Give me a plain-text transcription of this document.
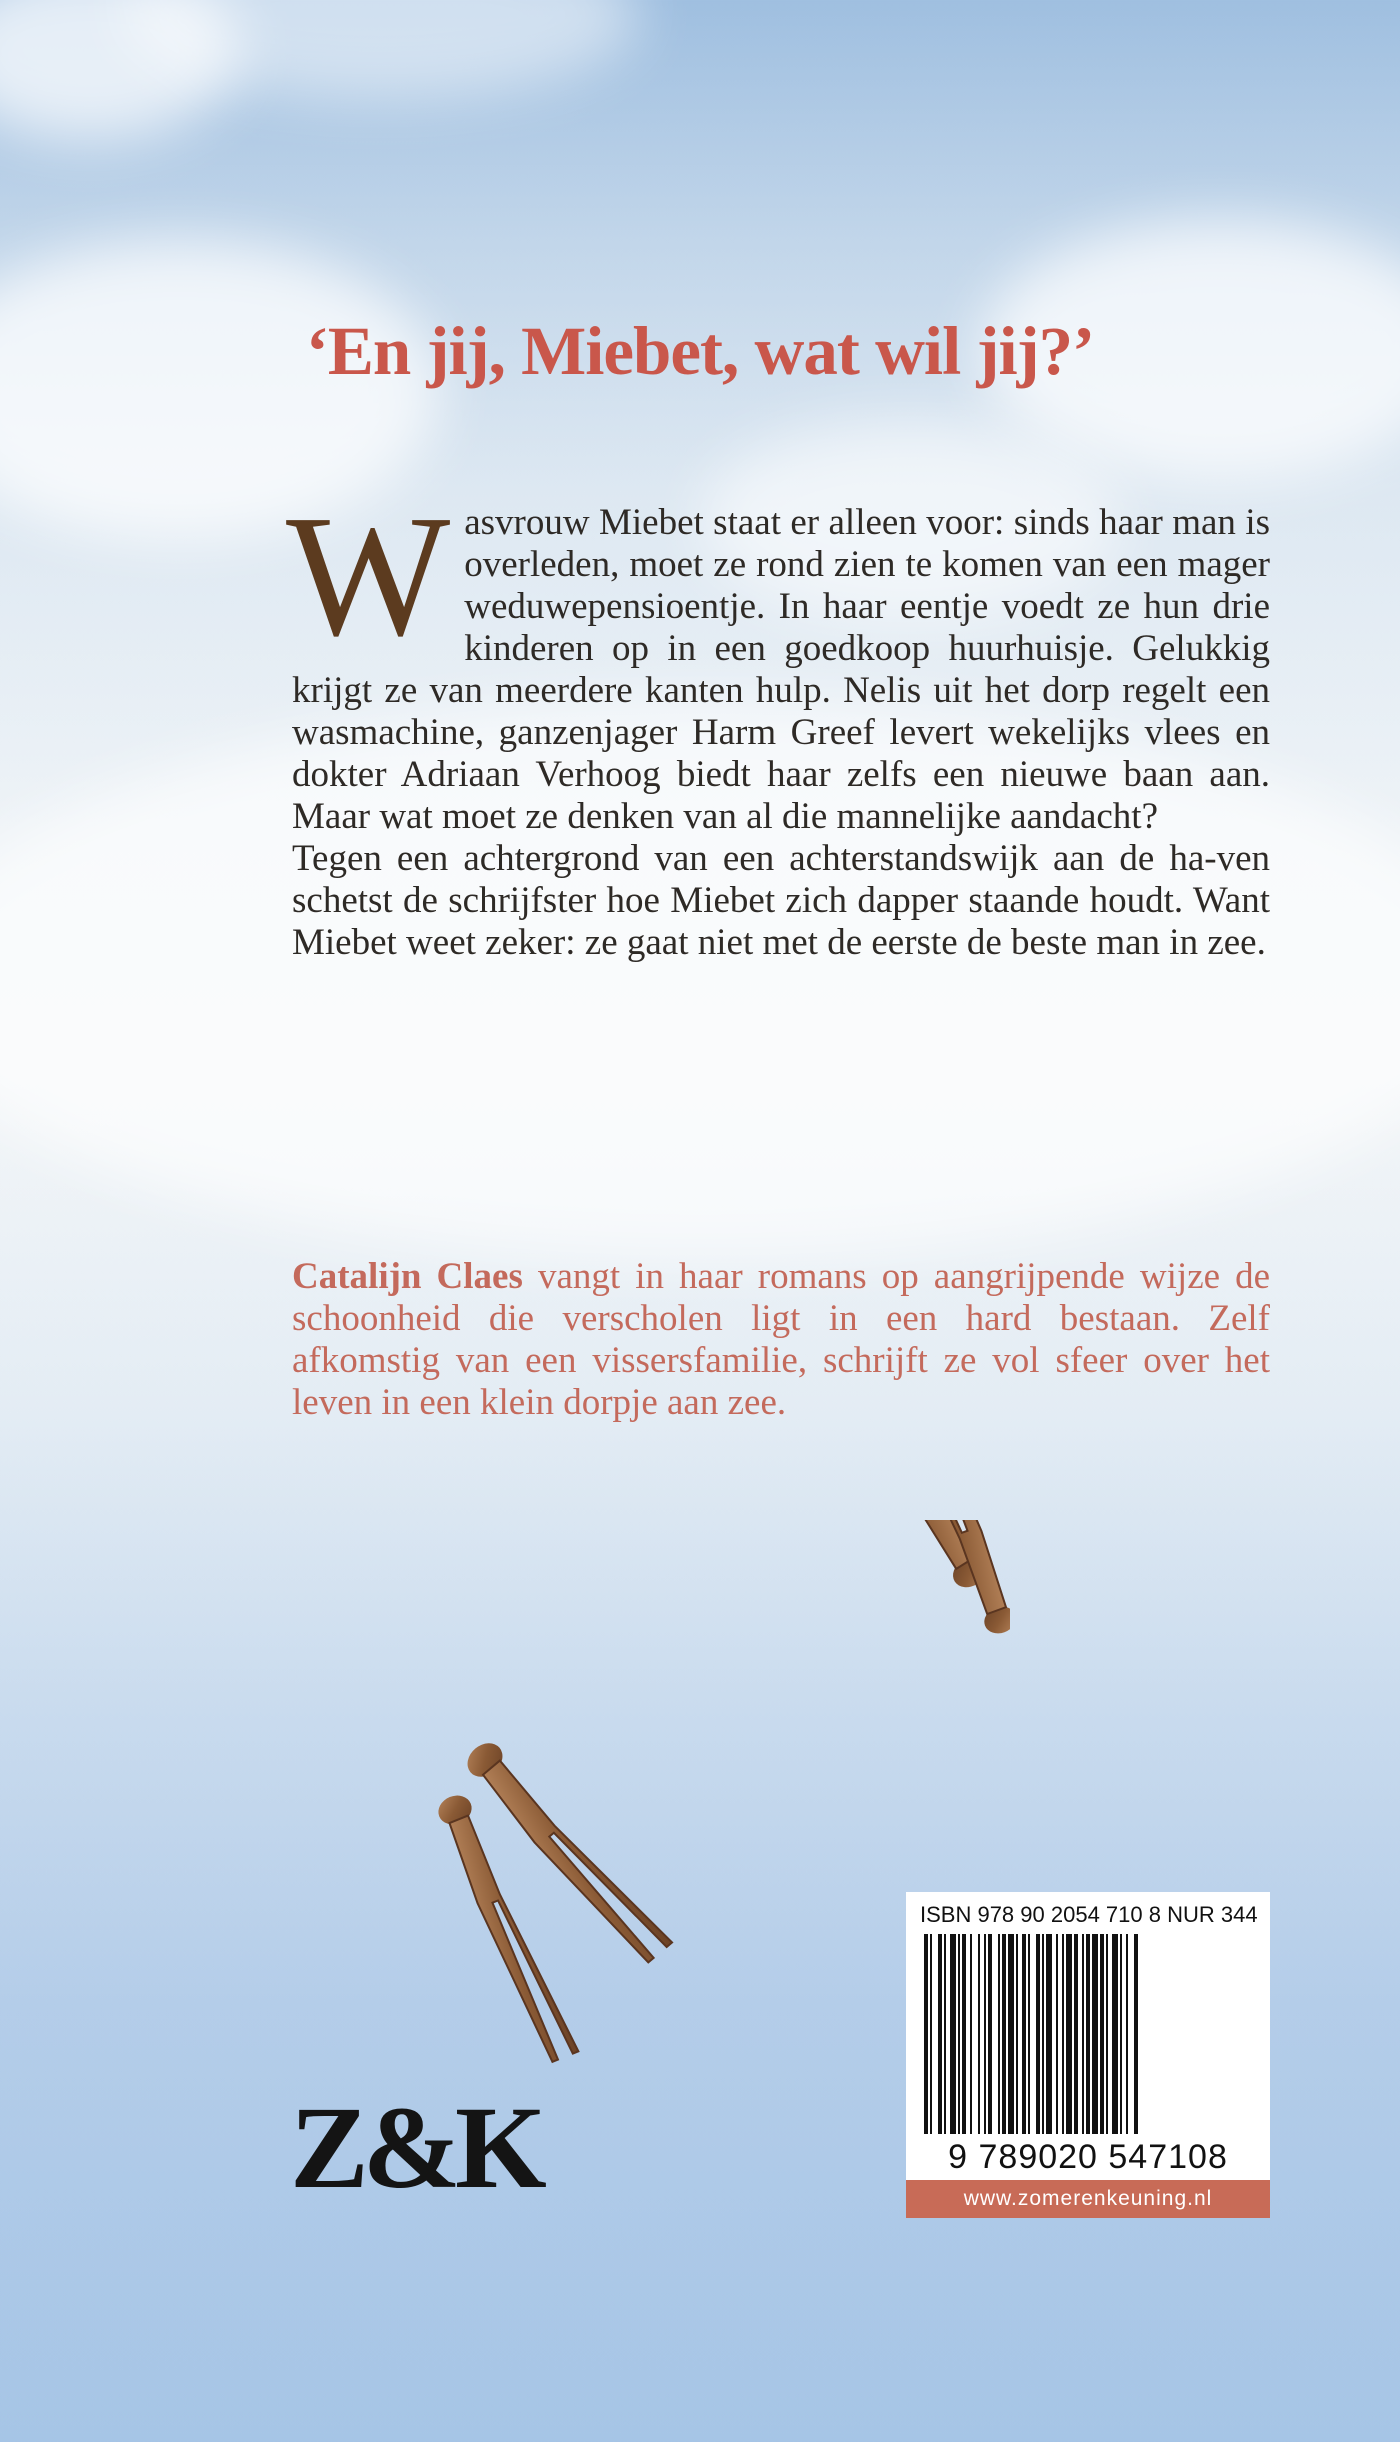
‘En jij, Miebet, wat wil jij?’

Wasvrouw Miebet staat er alleen voor: sinds haar man is overleden, moet ze rond zien te komen van een mager weduwepensioentje. In haar eentje voedt ze hun drie kinderen op in een goedkoop huurhuisje. Gelukkig krijgt ze van meerdere kanten hulp. Nelis uit het dorp regelt een wasmachine, ganzenjager Harm Greef levert wekelijks vlees en dokter Adriaan Verhoog biedt haar zelfs een nieuwe baan aan. Maar wat moet ze denken van al die mannelijke aandacht?

Tegen een achtergrond van een achterstandswijk aan de ha-ven schetst de schrijfster hoe Miebet zich dapper staande houdt. Want Miebet weet zeker: ze gaat niet met de eerste de beste man in zee.

Catalijn Claes vangt in haar romans op aangrijpende wijze de schoonheid die verscholen ligt in een hard bestaan. Zelf afkomstig van een vissersfamilie, schrijft ze vol sfeer over het leven in een klein dorpje aan zee.
Z&K
ISBN 978 90 2054 710 8 NUR 344
9 789020 547108
www.zomerenkeuning.nl
